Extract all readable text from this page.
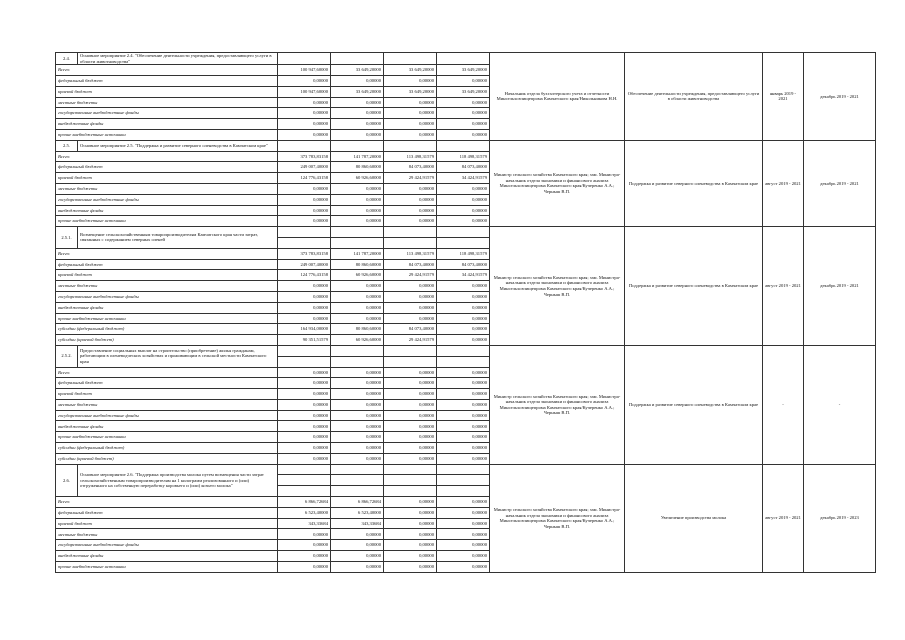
2.4.	Основное мероприятие 2.4. "Обеспечение деятельности учреждения, предоставляющего услуги в области животноводства"					Начальник отдела бухгалтерского учета и отчетности Минсельхозпищепрома Камчатского края/Никольникова Н.Н.	Обеспечение деятельности учреждения, предоставляющего услуги в области животноводства	январь 2019 - 2021	декабрь 2019 - 2021
Всего:		100 947,60000	33 649,20000	33 649,20000	33 649,20000				
федеральный бюджет		0,00000	0,00000	0,00000	0,00000				
краевой бюджет		100 947,60000	33 649,20000	33 649,20000	33 649,20000				
местные бюджеты		0,00000	0,00000	0,00000	0,00000				
государственные внебюджетные фонды		0,00000	0,00000	0,00000	0,00000				
внебюджетные фонды		0,00000	0,00000	0,00000	0,00000				
прочие внебюджетные источники		0,00000	0,00000	0,00000	0,00000				
2.5.	Основное мероприятие 2.5. "Поддержка и развитие северного оленеводства в Камчатском крае"					Министр сельского хозяйства Камчатского края; зам. Министра-начальник отдела экономики и финансового анализа Минсельхозпищепрома Камчатского края/Кучеренко А.А.; Черныш В.П.	Поддержка и развитие северного оленеводства в Камчатском крае	август 2019 - 2021	декабрь 2019 - 2021
Всего:		373 783,83158	141 787,20000	113 498,31579	118 498,31579				
федеральный бюджет		249 007,40000	80 860,60000	84 073,40000	84 073,40000				
краевой бюджет		124 776,43158	60 926,60000	29 424,91579	34 424,91579				
местные бюджеты		0,00000	0,00000	0,00000	0,00000				
государственные внебюджетные фонды		0,00000	0,00000	0,00000	0,00000				
внебюджетные фонды		0,00000	0,00000	0,00000	0,00000				
прочие внебюджетные источники		0,00000	0,00000	0,00000	0,00000				
2.5.1.	Возмещение сельскохозяйственным товаропроизводителям Камчатского края части затрат, связанных с содержанием северных оленей					Министр сельского хозяйства Камчатского края; зам. Министра-начальник отдела экономики и финансового анализа Минсельхозпищепрома Камчатского края/Кучеренко А.А.; Черныш В.П.	Поддержка и развитие северного оленеводства в Камчатском крае	август 2019 - 2021	декабрь 2019 - 2021

Всего:		373 783,83158	141 787,20000	113 498,31579	118 498,31579				
федеральный бюджет		249 007,40000	80 860,60000	84 073,40000	84 073,40000				
краевой бюджет		124 776,43158	60 926,60000	29 424,91579	34 424,91579				
местные бюджеты		0,00000	0,00000	0,00000	0,00000				
государственные внебюджетные фонды		0,00000	0,00000	0,00000	0,00000				
внебюджетные фонды		0,00000	0,00000	0,00000	0,00000				
прочие внебюджетные источники		0,00000	0,00000	0,00000	0,00000				
субсидии (федеральный бюджет)		164 934,00000	80 860,60000	84 073,40000	0,00000				
субсидии (краевой бюджет)		90 351,51579	60 926,60000	29 424,91579	0,00000				
2.5.2.	Предоставление социальных выплат на строительство (приобретение) жилья гражданам, работающим в оленеводческих хозяйствах и проживающим в сельской местности Камчатского края					Министр сельского хозяйства Камчатского края; зам. Министра-начальник отдела экономики и финансового анализа Минсельхозпищепрома Камчатского края/Кучеренко А.А.; Черныш В.П.	Поддержка и развитие северного оленеводства в Камчатском крае	-	-

Всего:		0,00000	0,00000	0,00000	0,00000				
федеральный бюджет		0,00000	0,00000	0,00000	0,00000				
краевой бюджет		0,00000	0,00000	0,00000	0,00000				
местные бюджеты		0,00000	0,00000	0,00000	0,00000				
государственные внебюджетные фонды		0,00000	0,00000	0,00000	0,00000				
внебюджетные фонды		0,00000	0,00000	0,00000	0,00000				
прочие внебюджетные источники		0,00000	0,00000	0,00000	0,00000				
субсидии (федеральный бюджет)		0,00000	0,00000	0,00000	0,00000				
субсидии (краевой бюджет)		0,00000	0,00000	0,00000	0,00000				
2.6.	Основное мероприятие 2.6. "Поддержка производства молока путем возмещения части затрат сельскохозяйственным товаропроизводителям на 1 килограмм реализованного и (или) отгруженного на собственную переработку коровьего и (или) козьего молока"					Министр сельского хозяйства Камчатского края; зам. Министра-начальник отдела экономики и финансового анализа Минсельхозпищепрома Камчатского края/Кучеренко А.А.; Черныш В.П.	Увеличение производства молока	август 2019 - 2021	декабрь 2019 - 2023

Всего:		6 866,72684	6 866,72684	0,00000	0,00000				
федеральный бюджет		6 523,40000	6 523,40000	0,00000	0,00000				
краевой бюджет		343,33684	343,33684	0,00000	0,00000				
местные бюджеты		0,00000	0,00000	0,00000	0,00000				
государственные внебюджетные фонды		0,00000	0,00000	0,00000	0,00000				
внебюджетные фонды		0,00000	0,00000	0,00000	0,00000				
прочие внебюджетные источники		0,00000	0,00000	0,00000	0,00000				
